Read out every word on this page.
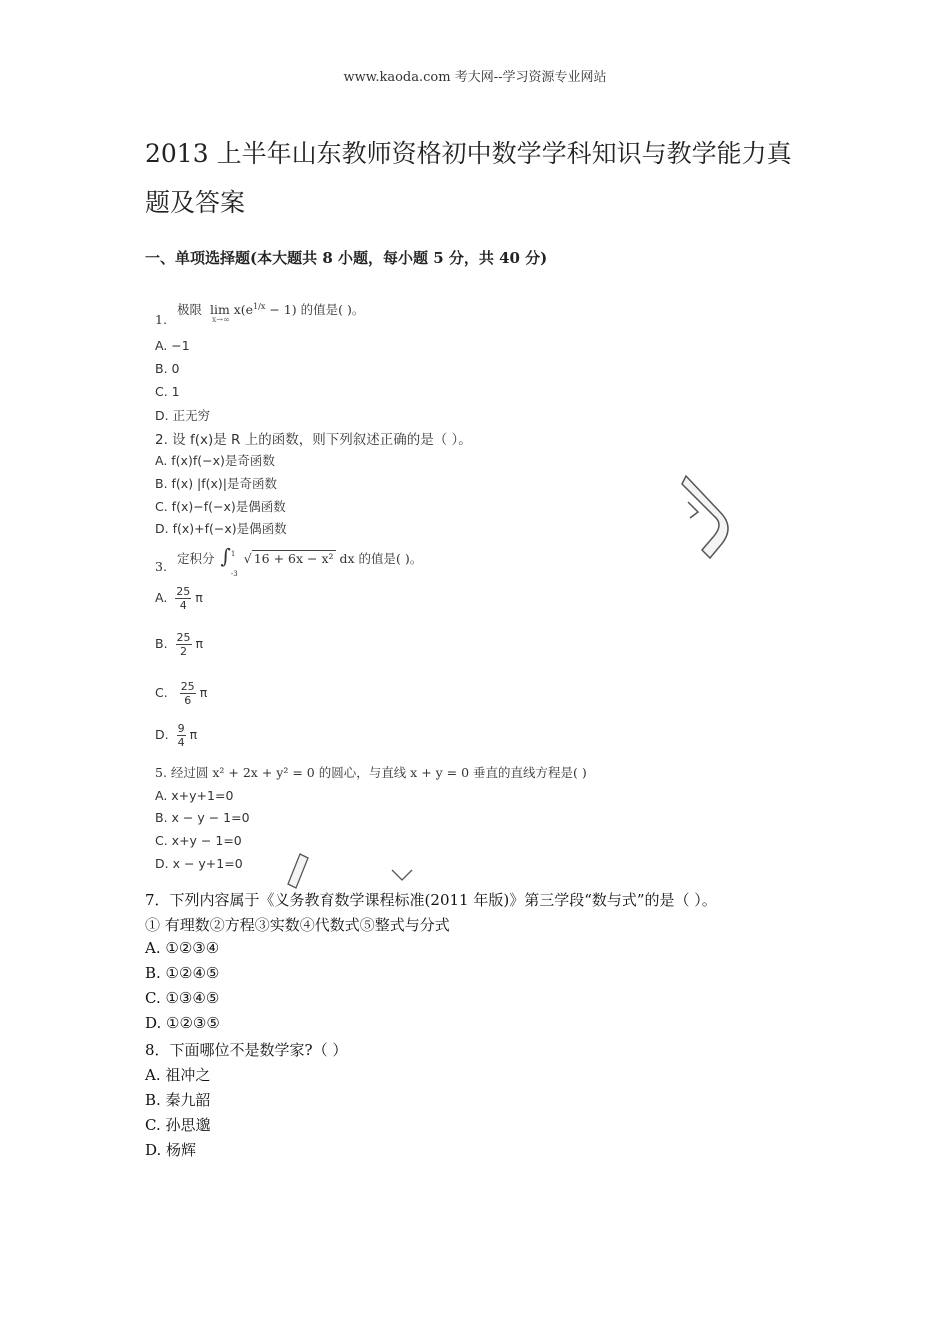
www.kaoda.com 考大网--学习资源专业网站
2013 上半年山东教师资格初中数学学科知识与教学能力真
题及答案
一、单项选择题(本大题共 8 小题，每小题 5 分，共 40 分)
1.
极限 $\lim_{x\to\infty}x(e^{1/x} - 1)$ 的值是( )。
A. −1
B. 0
C. 1
D. 正无穷
2. 设 f(x)是 R 上的函数，则下列叙述正确的是（ ）。
A. f(x)f(−x)是奇函数
B. f(x) |f(x)|是奇函数
C. f(x)−f(−x)是偶函数
D. f(x)+f(−x)是偶函数
3.
定积分 ∫ 1
-3
√ 16 + 6x − x² dx 的值是( )。
A. $\frac{25}{4}$ π
B. $\frac{25}{2}$ π
C. $\frac{25}{6}$ π
D. $\frac{9}{4}$ π
5. 经过圆 x² + 2x + y² = 0 的圆心，与直线 x + y = 0 垂直的直线方程是( )
A. x+y+1=0
B. x − y − 1=0
C. x+y − 1=0
D. x − y+1=0
7．下列内容属于《义务教育数学课程标准(2011 年版)》第三学段“数与式”的是（ ）。
① 有理数②方程③实数④代数式⑤整式与分式
A. ①②③④
B. ①②④⑤
C. ①③④⑤
D. ①②③⑤
8．下面哪位不是数学家?（ ）
A. 祖冲之
B. 秦九韶
C. 孙思邈
D. 杨辉
